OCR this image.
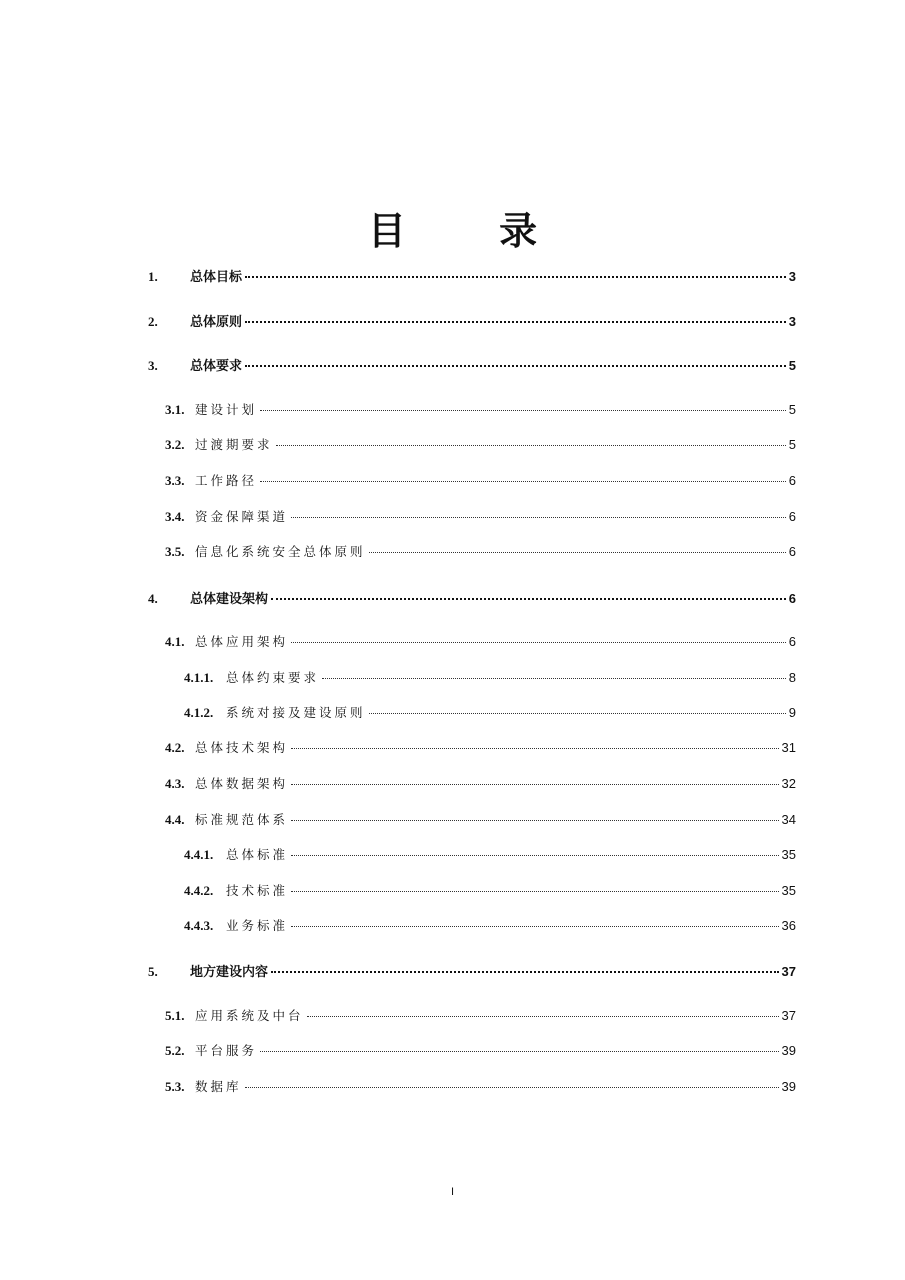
目 录
1.	总体目标	3
2.	总体原则	3
3.	总体要求	5
3.1. 建设计划	5
3.2. 过渡期要求	5
3.3. 工作路径	6
3.4. 资金保障渠道	6
3.5. 信息化系统安全总体原则	6
4.	总体建设架构	6
4.1. 总体应用架构	6
4.1.1.	总体约束要求	8
4.1.2.	系统对接及建设原则	9
4.2. 总体技术架构	31
4.3. 总体数据架构	32
4.4. 标准规范体系	34
4.4.1.	总体标准	35
4.4.2.	技术标准	35
4.4.3.	业务标准	36
5.	地方建设内容	37
5.1. 应用系统及中台	37
5.2. 平台服务	39
5.3. 数据库	39
I
